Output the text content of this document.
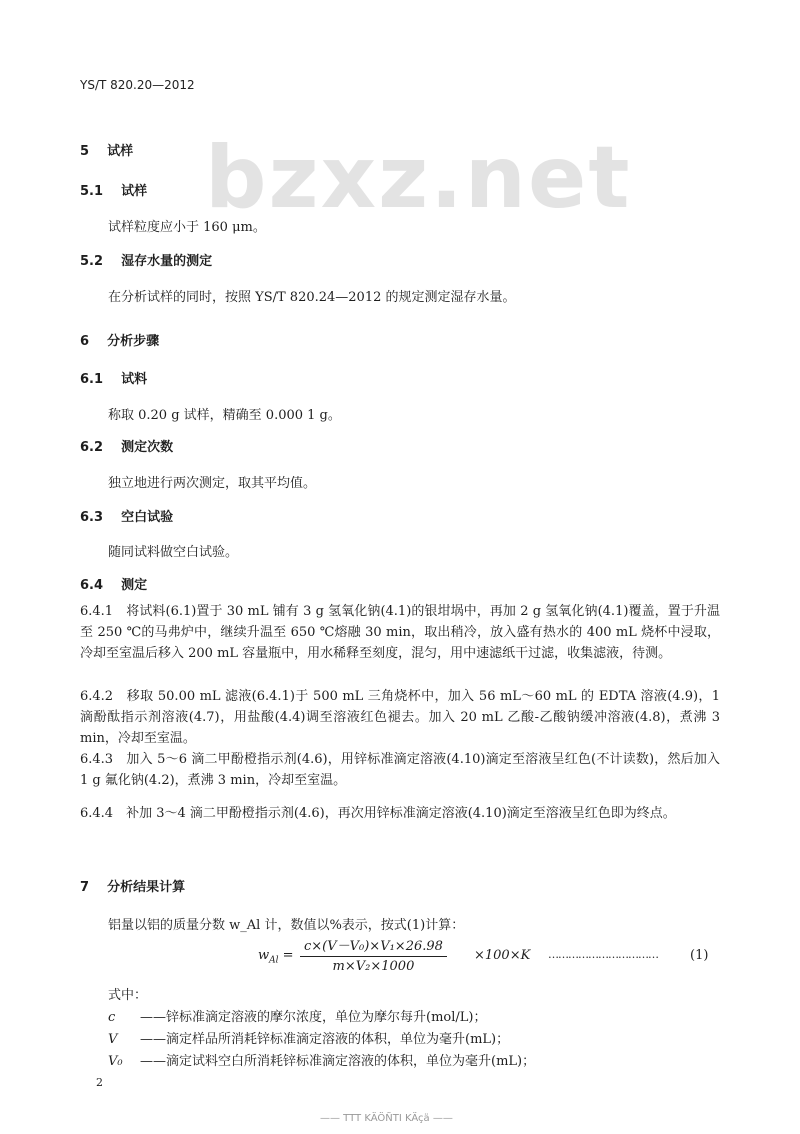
YS/T 820.20—2012
bzxz.net
5 试样
5.1 试样
试样粒度应小于 160 μm。
5.2 湿存水量的测定
在分析试样的同时，按照 YS/T 820.24—2012 的规定测定湿存水量。
6 分析步骤
6.1 试料
称取 0.20 g 试样，精确至 0.000 1 g。
6.2 测定次数
独立地进行两次测定，取其平均值。
6.3 空白试验
随同试料做空白试验。
6.4 测定
6.4.1　将试料(6.1)置于 30 mL 铺有 3 g 氢氧化钠(4.1)的银坩埚中，再加 2 g 氢氧化钠(4.1)覆盖，置于升温至 250 ℃的马弗炉中，继续升温至 650 ℃熔融 30 min，取出稍冷，放入盛有热水的 400 mL 烧杯中浸取，冷却至室温后移入 200 mL 容量瓶中，用水稀释至刻度，混匀，用中速滤纸干过滤，收集滤液，待测。
6.4.2　移取 50.00 mL 滤液(6.4.1)于 500 mL 三角烧杯中，加入 56 mL～60 mL 的 EDTA 溶液(4.9)，1 滴酚酞指示剂溶液(4.7)，用盐酸(4.4)调至溶液红色褪去。加入 20 mL 乙酸-乙酸钠缓冲溶液(4.8)，煮沸 3 min，冷却至室温。
6.4.3　加入 5～6 滴二甲酚橙指示剂(4.6)，用锌标准滴定溶液(4.10)滴定至溶液呈红色(不计读数)，然后加入 1 g 氟化钠(4.2)，煮沸 3 min，冷却至室温。
6.4.4　补加 3～4 滴二甲酚橙指示剂(4.6)，再次用锌标准滴定溶液(4.10)滴定至溶液呈红色即为终点。
7 分析结果计算
铝量以铝的质量分数 w_Al 计，数值以%表示，按式(1)计算：
$w_{Al} = \frac{\text{c×(V－V₀)×V₁×26.98}}{\text{m×V₂×1000}} \times 100\times K$ …………………………… (1)
式中：
c ——锌标准滴定溶液的摩尔浓度，单位为摩尔每升(mol/L)；
V ——滴定样品所消耗锌标准滴定溶液的体积，单位为毫升(mL)；
V₀ ——滴定试料空白所消耗锌标准滴定溶液的体积，单位为毫升(mL)；
2
—— TTT KÄÖÑTI KÄçä ——
